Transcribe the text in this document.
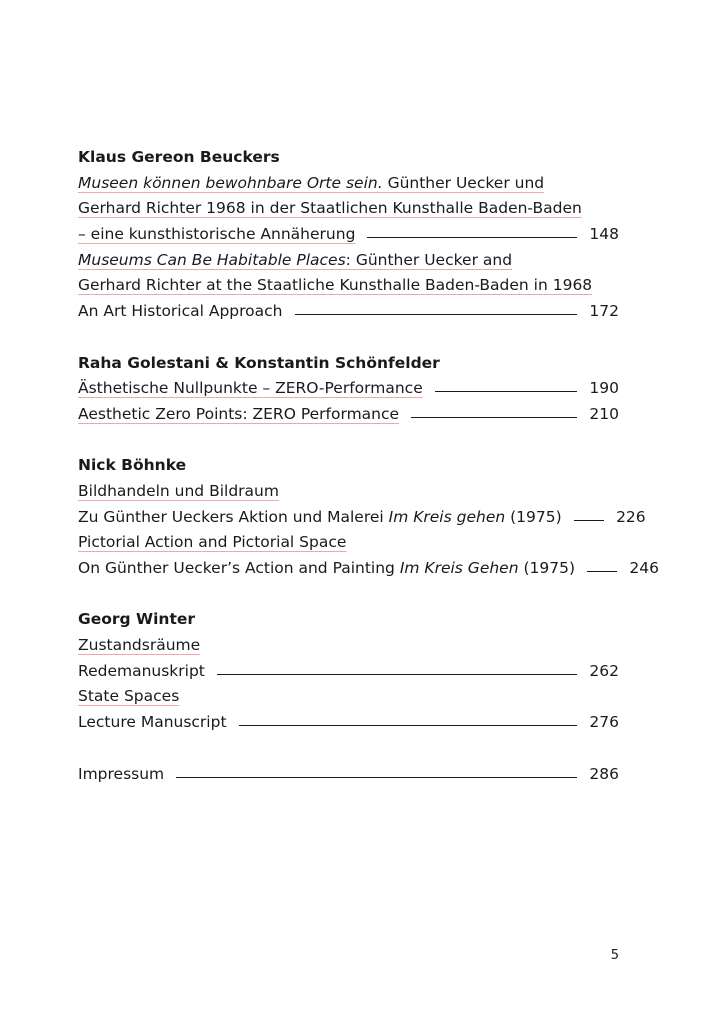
Klaus Gereon Beuckers
Museen können bewohnbare Orte sein. Günther Uecker und
Gerhard Richter 1968 in der Staatlichen Kunsthalle Baden-Baden
– eine kunsthistorische Annäherung	148
Museums Can Be Habitable Places: Günther Uecker and
Gerhard Richter at the Staatliche Kunsthalle Baden-Baden in 1968
An Art Historical Approach	172
Raha Golestani & Konstantin Schönfelder
Ästhetische Nullpunkte – ZERO-Performance	190
Aesthetic Zero Points: ZERO Performance	210
Nick Böhnke
Bildhandeln und Bildraum
Zu Günther Ueckers Aktion und Malerei Im Kreis gehen (1975)	226
Pictorial Action and Pictorial Space
On Günther Uecker’s Action and Painting Im Kreis Gehen (1975)	246
Georg Winter
Zustandsräume
Redemanuskript	262
State Spaces
Lecture Manuscript	276
Impressum	286
5
